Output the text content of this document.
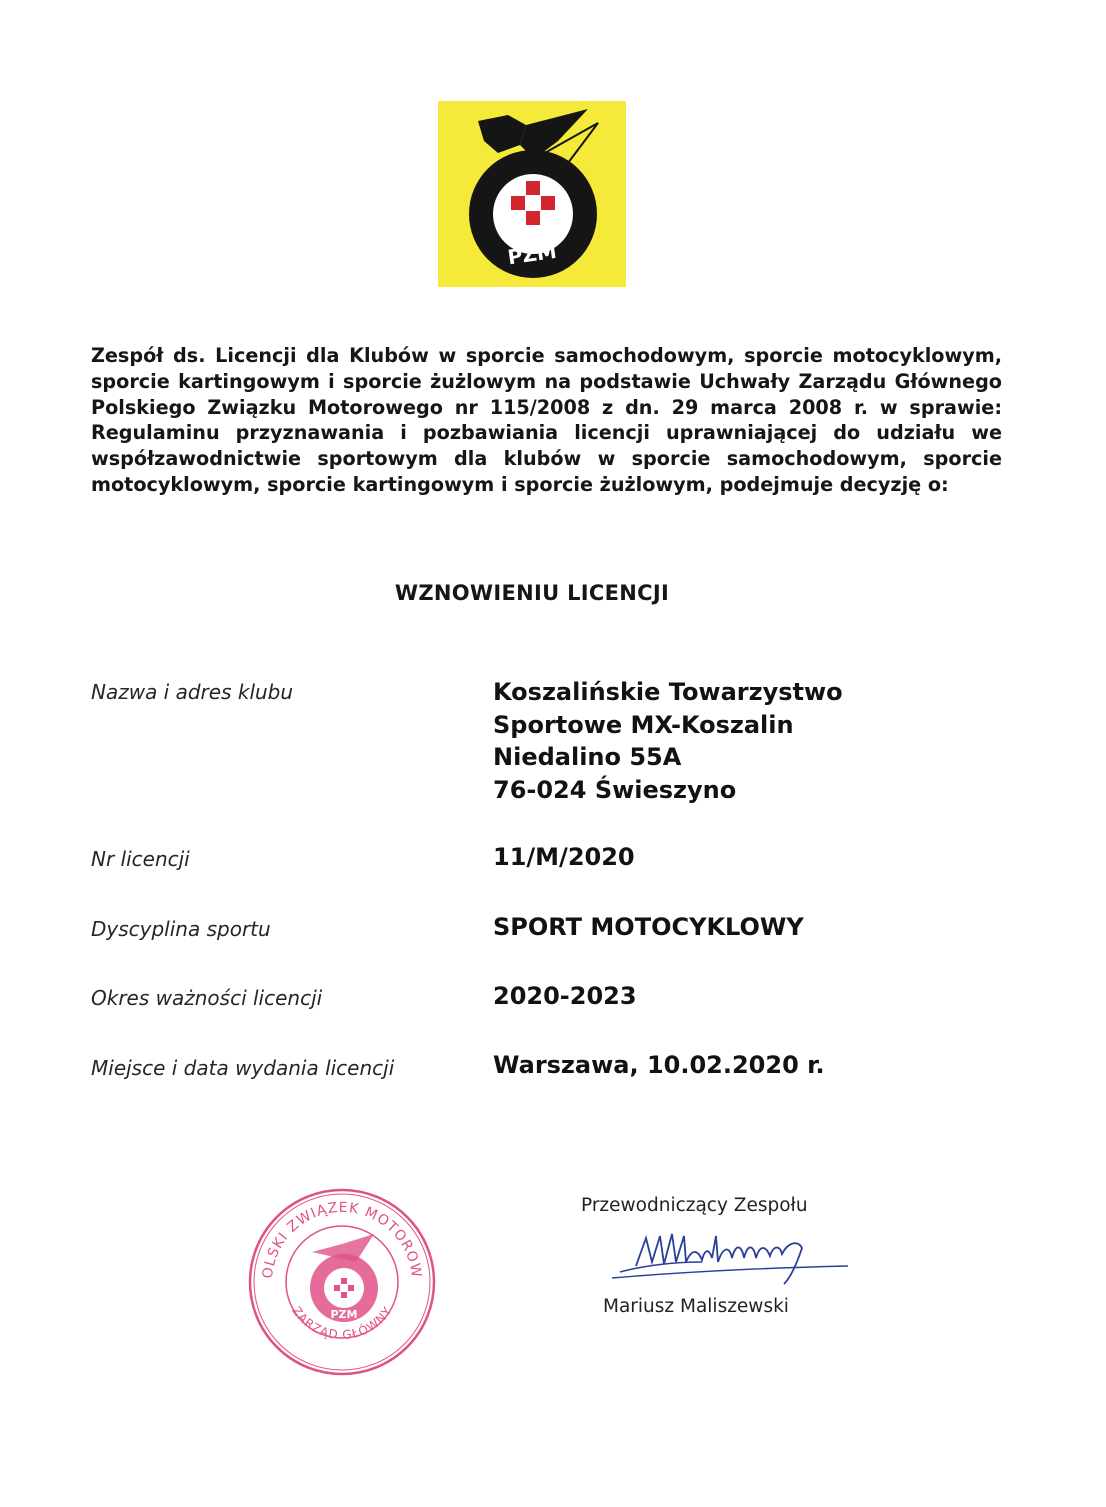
PZM

Zespół ds. Licencji dla Klubów w sporcie samochodowym, sporcie motocyklowym, sporcie kartingowym i sporcie żużlowym na podstawie Uchwały Zarządu Głównego Polskiego Związku Motorowego nr 115/2008 z dn. 29 marca 2008 r. w sprawie: Regulaminu przyznawania i pozbawiania licencji uprawniającej do udziału we współzawodnictwie sportowym dla klubów w sporcie samochodowym, sporcie motocyklowym, sporcie kartingowym i sporcie żużlowym, podejmuje decyzję o:

WZNOWIENIU LICENCJI

Nazwa i adres klubu	Koszalińskie Towarzystwo
Sportowe MX-Koszalin
Niedalino 55A
76-024 Świeszyno

Nr licencji	11/M/2020

Dyscyplina sportu	SPORT MOTOCYKLOWY

Okres ważności licencji	2020-2023

Miejsce i data wydania licencji	Warszawa, 10.02.2020 r.

OLSKI ZWIĄZEK MOTOROW
ZARZĄD GŁÓWNY
PZM

Przewodniczący Zespołu

Mariusz Maliszewski
